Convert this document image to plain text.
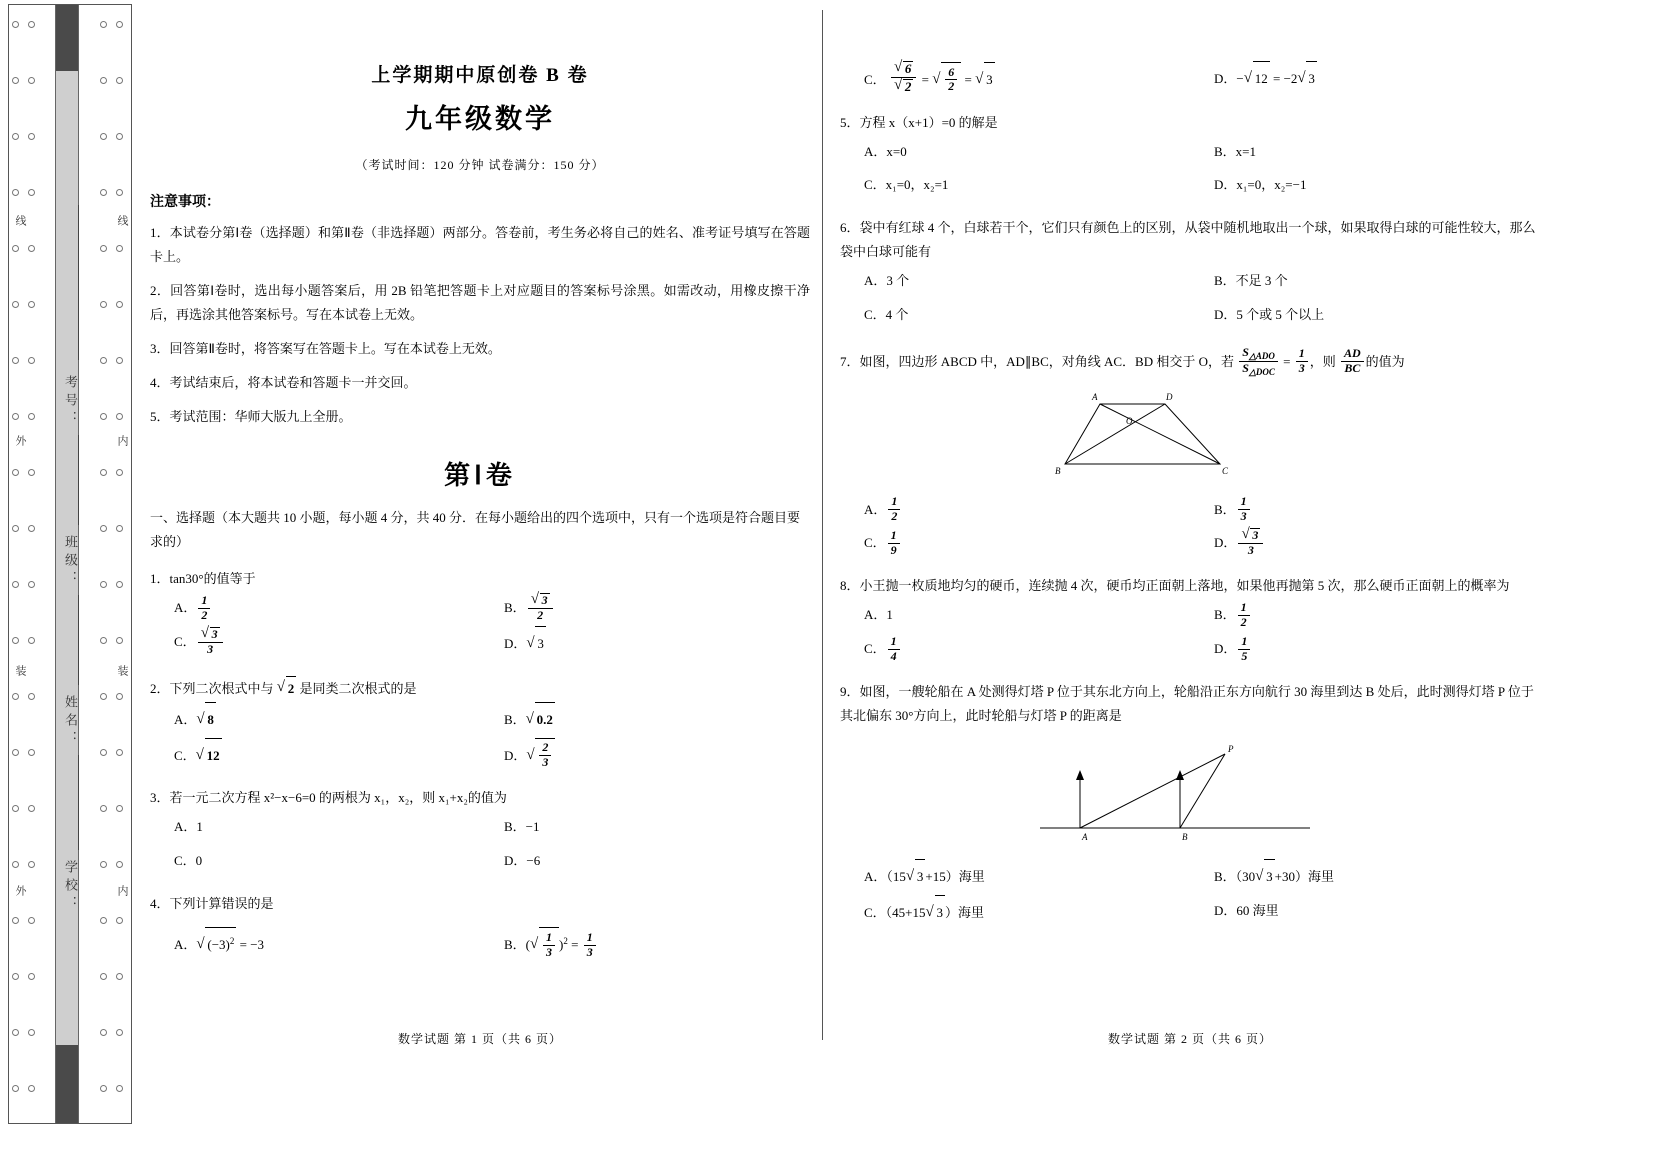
线
外
装
外
线
内
装
内
考号：
班级：
姓名：
学校：
上学期期中原创卷 B 卷
九年级数学
（考试时间：120 分钟 试卷满分：150 分）
注意事项：

1．本试卷分第Ⅰ卷（选择题）和第Ⅱ卷（非选择题）两部分。答卷前，考生务必将自己的姓名、准考证号填写在答题卡上。

2．回答第Ⅰ卷时，选出每小题答案后，用 2B 铅笔把答题卡上对应题目的答案标号涂黑。如需改动，用橡皮擦干净后，再选涂其他答案标号。写在本试卷上无效。

3．回答第Ⅱ卷时，将答案写在答题卡上。写在本试卷上无效。

4．考试结束后，将本试卷和答题卡一并交回。

5．考试范围：华师大版九上全册。

第Ⅰ卷
一、选择题（本大题共 10 小题，每小题 4 分，共 40 分．在每小题给出的四个选项中，只有一个选项是符合题目要求的）
1．tan30°的值等于
A． $\frac{1}{2}$	B． √ $\frac{3}{2}$
C． √ $\frac{3}{3}$	D． √ 3
2．下列二次根式中与 √ 2 是同类二次根式的是
A． √ 8	B． √ 0.2
C． √ 12	D． √ $\frac{2}{3}$
3．若一元二次方程 x²−x−6=0 的两根为 x₁，x₂，则 x₁+x₂的值为
A．1	B．−1
C．0	D．−6
4．下列计算错误的是
A． √ $(-3)^2 = -3$	B．( √ $\frac{1}{3} )^2 = \frac{1}{3}$
C． √ 6
√ 2 = √ $\frac{6}{2}$ = √ 3	D．− √ 12 = −2 √ 3
5．方程 x（x+1）=0 的解是
A．x=0	B．x=1
C．x₁=0，x₂=1	D．x₁=0，x₂=−1
6．袋中有红球 4 个，白球若干个，它们只有颜色上的区别，从袋中随机地取出一个球，如果取得白球的可能性较大，那么袋中白球可能有
A．3 个	B．不足 3 个
C．4 个	D．5 个或 5 个以上
7．如图，四边形 ABCD 中，AD∥BC，对角线 AC．BD 相交于 O，若 $\frac{S_{\triangle ADO}}{S_{\triangle DOC}} = \frac{1}{3}$ ，则 $\frac{AD}{BC}$ 的值为
A	D
O
B	C
A． $\frac{1}{2}$	B． $\frac{1}{3}$
C． $\frac{1}{9}$	D． √ $\frac{3}{3}$
8．小王抛一枚质地均匀的硬币，连续抛 4 次，硬币均正面朝上落地，如果他再抛第 5 次，那么硬币正面朝上的概率为
A．1	B． $\frac{1}{2}$
C． $\frac{1}{4}$	D． $\frac{1}{5}$
9．如图，一艘轮船在 A 处测得灯塔 P 位于其东北方向上，轮船沿正东方向航行 30 海里到达 B 处后，此时测得灯塔 P 位于其北偏东 30°方向上，此时轮船与灯塔 P 的距离是
P
A	B
A．（15 √ 3 +15）海里	B．（30 √ 3 +30）海里
C．（45+15 √ 3 ）海里	D．60 海里
数学试题 第 1 页（共 6 页）	数学试题 第 2 页（共 6 页）
